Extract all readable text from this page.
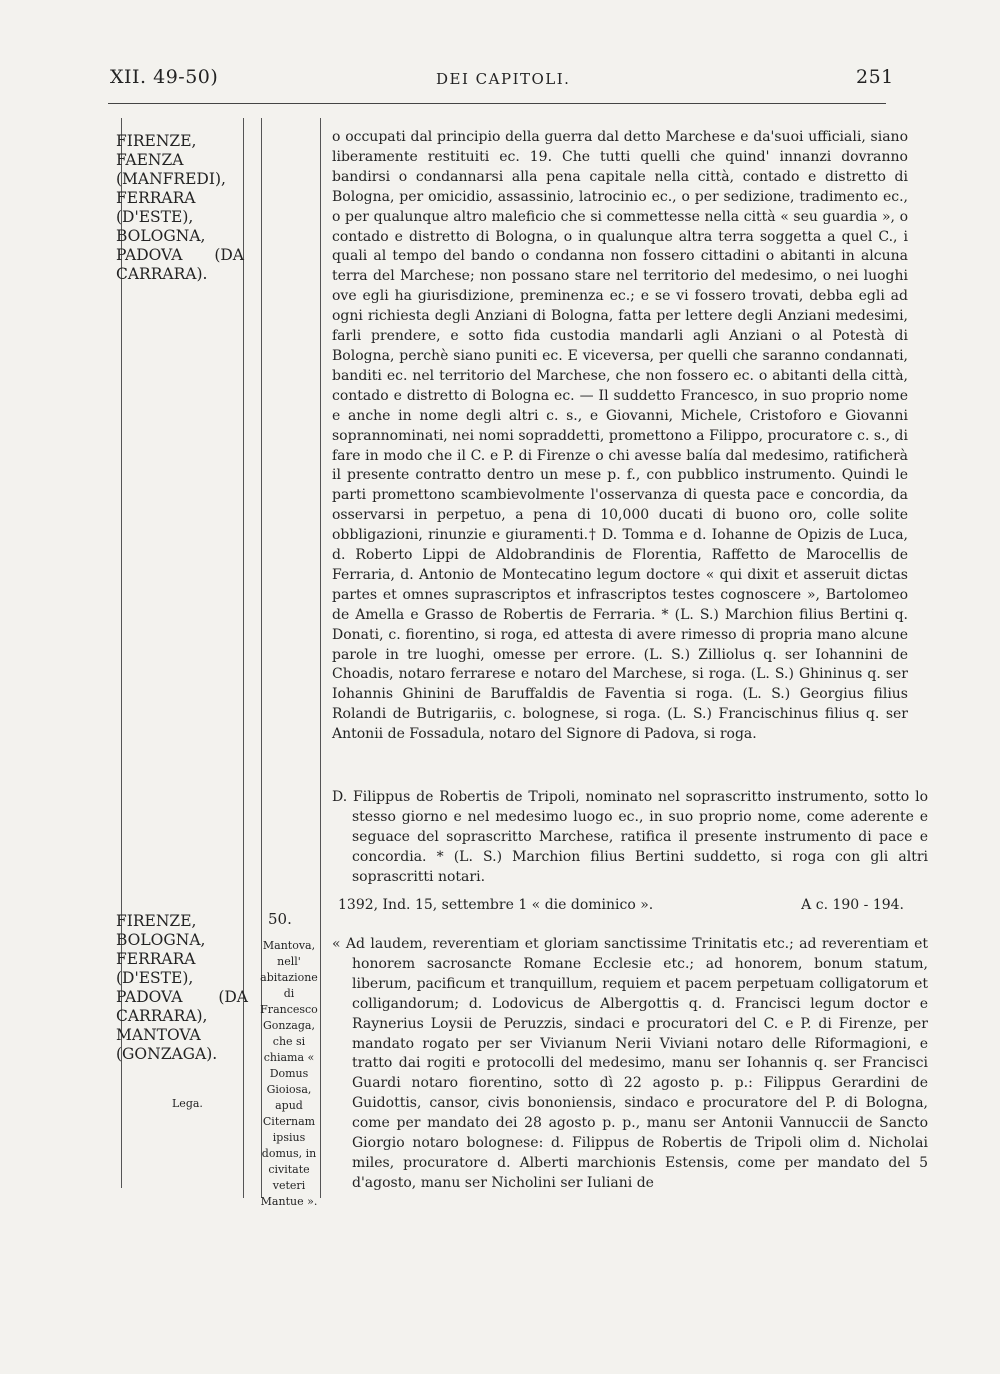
XII. 49-50)	DEI CAPITOLI.	251
FIRENZE, FAENZA (MANFREDI), FERRARA (D'ESTE), BOLOGNA, PADOVA (DA CARRARA).
FIRENZE, BOLOGNA, FERRARA (D'ESTE), PADOVA (DA CARRARA), MANTOVA (GONZAGA).
Lega.
50.
Mantova, nell' abitazione di Francesco Gonzaga, che si chiama « Domus Gioiosa, apud Citernam ipsius domus, in civitate veteri Mantue ».
o occupati dal principio della guerra dal detto Marchese e da'suoi ufficiali, siano liberamente restituiti ec. 19. Che tutti quelli che quind' innanzi dovranno bandirsi o condannarsi alla pena capitale nella città, contado e distretto di Bologna, per omicidio, assassinio, latrocinio ec., o per sedizione, tradimento ec., o per qualunque altro maleficio che si commettesse nella città « seu guardia », o contado e distretto di Bologna, o in qualunque altra terra soggetta a quel C., i quali al tempo del bando o condanna non fossero cittadini o abitanti in alcuna terra del Marchese; non possano stare nel territorio del medesimo, o nei luoghi ove egli ha giurisdizione, preminenza ec.; e se vi fossero trovati, debba egli ad ogni richiesta degli Anziani di Bologna, fatta per lettere degli Anziani medesimi, farli prendere, e sotto fida custodia mandarli agli Anziani o al Potestà di Bologna, perchè siano puniti ec. E viceversa, per quelli che saranno condannati, banditi ec. nel territorio del Marchese, che non fossero ec. o abitanti della città, contado e distretto di Bologna ec. — Il suddetto Francesco, in suo proprio nome e anche in nome degli altri c. s., e Giovanni, Michele, Cristoforo e Giovanni soprannominati, nei nomi sopraddetti, promettono a Filippo, procuratore c. s., di fare in modo che il C. e P. di Firenze o chi avesse balía dal medesimo, ratificherà il presente contratto dentro un mese p. f., con pubblico instrumento. Quindi le parti promettono scambievolmente l'osservanza di questa pace e concordia, da osservarsi in perpetuo, a pena di 10,000 ducati di buono oro, colle solite obbligazioni, rinunzie e giuramenti.† D. Tomma e d. Iohanne de Opizis de Luca, d. Roberto Lippi de Aldobrandinis de Florentia, Raffetto de Marocellis de Ferraria, d. Antonio de Montecatino legum doctore « qui dixit et asseruit dictas partes et omnes suprascriptos et infrascriptos testes cognoscere », Bartolomeo de Amella e Grasso de Robertis de Ferraria. * (L. S.) Marchion filius Bertini q. Donati, c. fiorentino, si roga, ed attesta di avere rimesso di propria mano alcune parole in tre luoghi, omesse per errore. (L. S.) Zilliolus q. ser Iohannini de Choadis, notaro ferrarese e notaro del Marchese, si roga. (L. S.) Ghininus q. ser Iohannis Ghinini de Baruffaldis de Faventia si roga. (L. S.) Georgius filius Rolandi de Butrigariis, c. bolognese, si roga. (L. S.) Francischinus filius q. ser Antonii de Fossadula, notaro del Signore di Padova, si roga.
D. Filippus de Robertis de Tripoli, nominato nel soprascritto instrumento, sotto lo stesso giorno e nel medesimo luogo ec., in suo proprio nome, come aderente e seguace del soprascritto Marchese, ratifica il presente instrumento di pace e concordia. * (L. S.) Marchion filius Bertini suddetto, si roga con gli altri soprascritti notari.
1392, Ind. 15, settembre 1 « die dominico ».	A c. 190 - 194.
« Ad laudem, reverentiam et gloriam sanctissime Trinitatis etc.; ad reverentiam et honorem sacrosancte Romane Ecclesie etc.; ad honorem, bonum statum, liberum, pacificum et tranquillum, requiem et pacem perpetuam colligatorum et colligandorum; d. Lodovicus de Albergottis q. d. Francisci legum doctor e Raynerius Loysii de Peruzzis, sindaci e procuratori del C. e P. di Firenze, per mandato rogato per ser Vivianum Nerii Viviani notaro delle Riformagioni, e tratto dai rogiti e protocolli del medesimo, manu ser Iohannis q. ser Francisci Guardi notaro fiorentino, sotto dì 22 agosto p. p.: Filippus Gerardini de Guidottis, cansor, civis bononiensis, sindaco e procuratore del P. di Bologna, come per mandato dei 28 agosto p. p., manu ser Antonii Vannuccii de Sancto Giorgio notaro bolognese: d. Filippus de Robertis de Tripoli olim d. Nicholai miles, procuratore d. Alberti marchionis Estensis, come per mandato del 5 d'agosto, manu ser Nicholini ser Iuliani de
